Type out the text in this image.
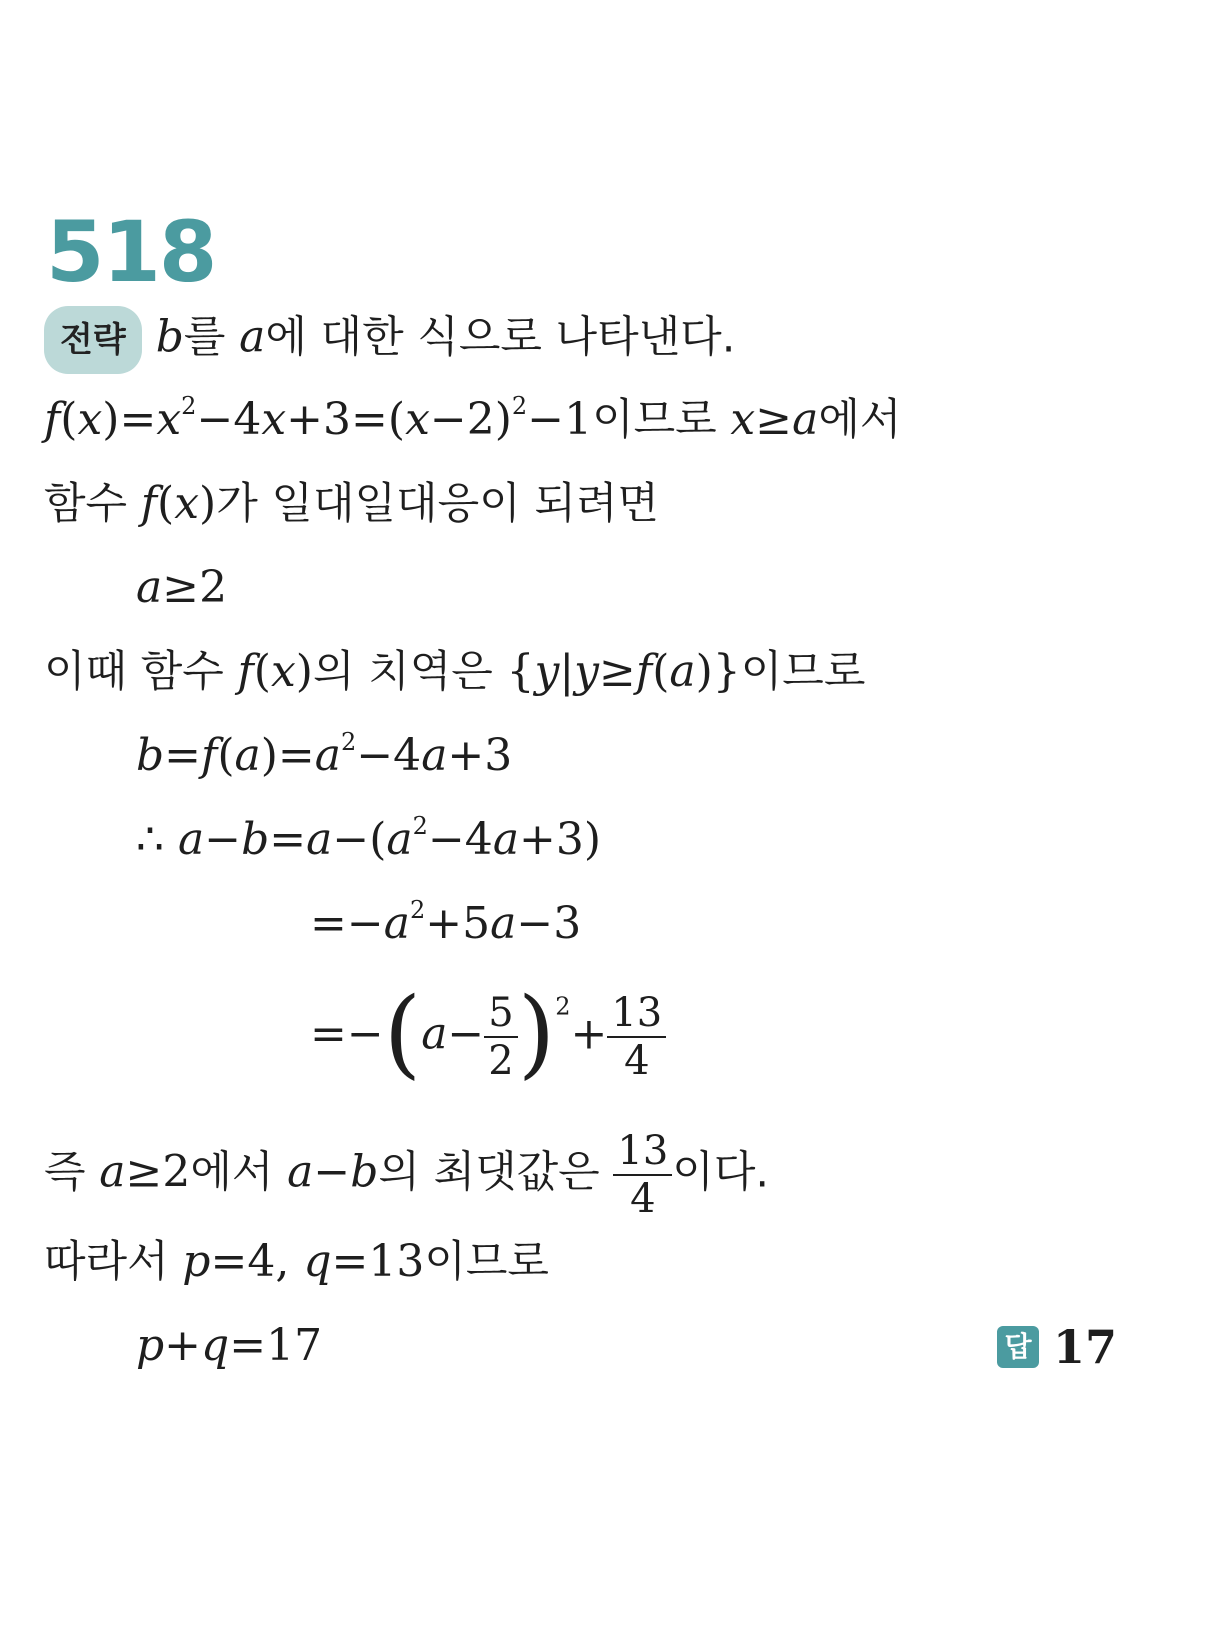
518
전략 b를 a에 대한 식으로 나타낸다.
$f(x)=x^2-4x+3=(x-2)^2-1$이므로 x≥a에서
함수 f(x)가 일대일대응이 되려면
a≥2
이때 함수 f(x)의 치역은 {y|y≥f(a)}이므로
$b=f(a)=a^2-4a+3$
∴ $a-b=a-(a^2-4a+3)$
$=-a^2+5a-3$
$=-(a- \frac{5}{2} )^2+ \frac{13}{4}$
즉 a≥2에서 a−b의 최댓값은 $\frac{13}{4}$ 이다.
따라서 p=4, q=13이므로
p+q=17	답 17
